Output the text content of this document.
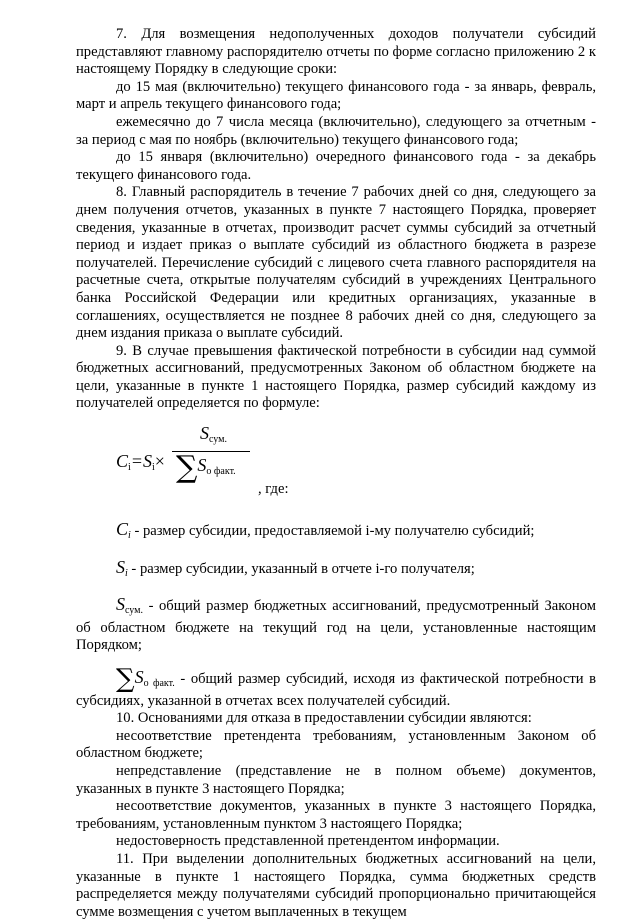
7. Для возмещения недополученных доходов получатели субсидий представляют главному распорядителю отчеты по форме согласно приложению 2 к настоящему Порядку в следующие сроки:

до 15 мая (включительно) текущего финансового года - за январь, февраль, март и апрель текущего финансового года;

ежемесячно до 7 числа месяца (включительно), следующего за отчетным - за период с мая по ноябрь (включительно) текущего финансового года;

до 15 января (включительно) очередного финансового года - за декабрь текущего финансового года.

8. Главный распорядитель в течение 7 рабочих дней со дня, следующего за днем получения отчетов, указанных в пункте 7 настоящего Порядка, проверяет сведения, указанные в отчетах, производит расчет суммы субсидий за отчетный период и издает приказ о выплате субсидий из областного бюджета в разрезе получателей. Перечисление субсидий с лицевого счета главного распорядителя на расчетные счета, открытые получателям субсидий в учреждениях Центрального банка Российской Федерации или кредитных организациях, указанные в соглашениях, осуществляется не позднее 8 рабочих дней со дня, следующего за днем издания приказа о выплате субсидий.

9. В случае превышения фактической потребности в субсидии над суммой бюджетных ассигнований, предусмотренных Законом об областном бюджете на цели, указанные в пункте 1 настоящего Порядка, размер субсидий каждому из получателей определяется по формуле:

$C_i=S_i\times$
$S_{сум.}$
$\sum S_{о факт.}$
, где:

$C_i$ - размер субсидии, предоставляемой i-му получателю субсидий;

$S_i$ - размер субсидии, указанный в отчете i-го получателя;

$S_{сум.}$ - общий размер бюджетных ассигнований, предусмотренный Законом об областном бюджете на текущий год на цели, установленные настоящим Порядком;

$\sum S_{о факт.}$ - общий размер субсидий, исходя из фактической потребности в субсидиях, указанной в отчетах всех получателей субсидий.

10. Основаниями для отказа в предоставлении субсидии являются:

несоответствие претендента требованиям, установленным Законом об областном бюджете;

непредставление (представление не в полном объеме) документов, указанных в пункте 3 настоящего Порядка;

несоответствие документов, указанных в пункте 3 настоящего Порядка, требованиям, установленным пунктом 3 настоящего Порядка;

недостоверность представленной претендентом информации.

11. При выделении дополнительных бюджетных ассигнований на цели, указанные в пункте 1 настоящего Порядка, сумма бюджетных средств распределяется между получателями субсидий пропорционально причитающейся сумме возмещения с учетом выплаченных в текущем
